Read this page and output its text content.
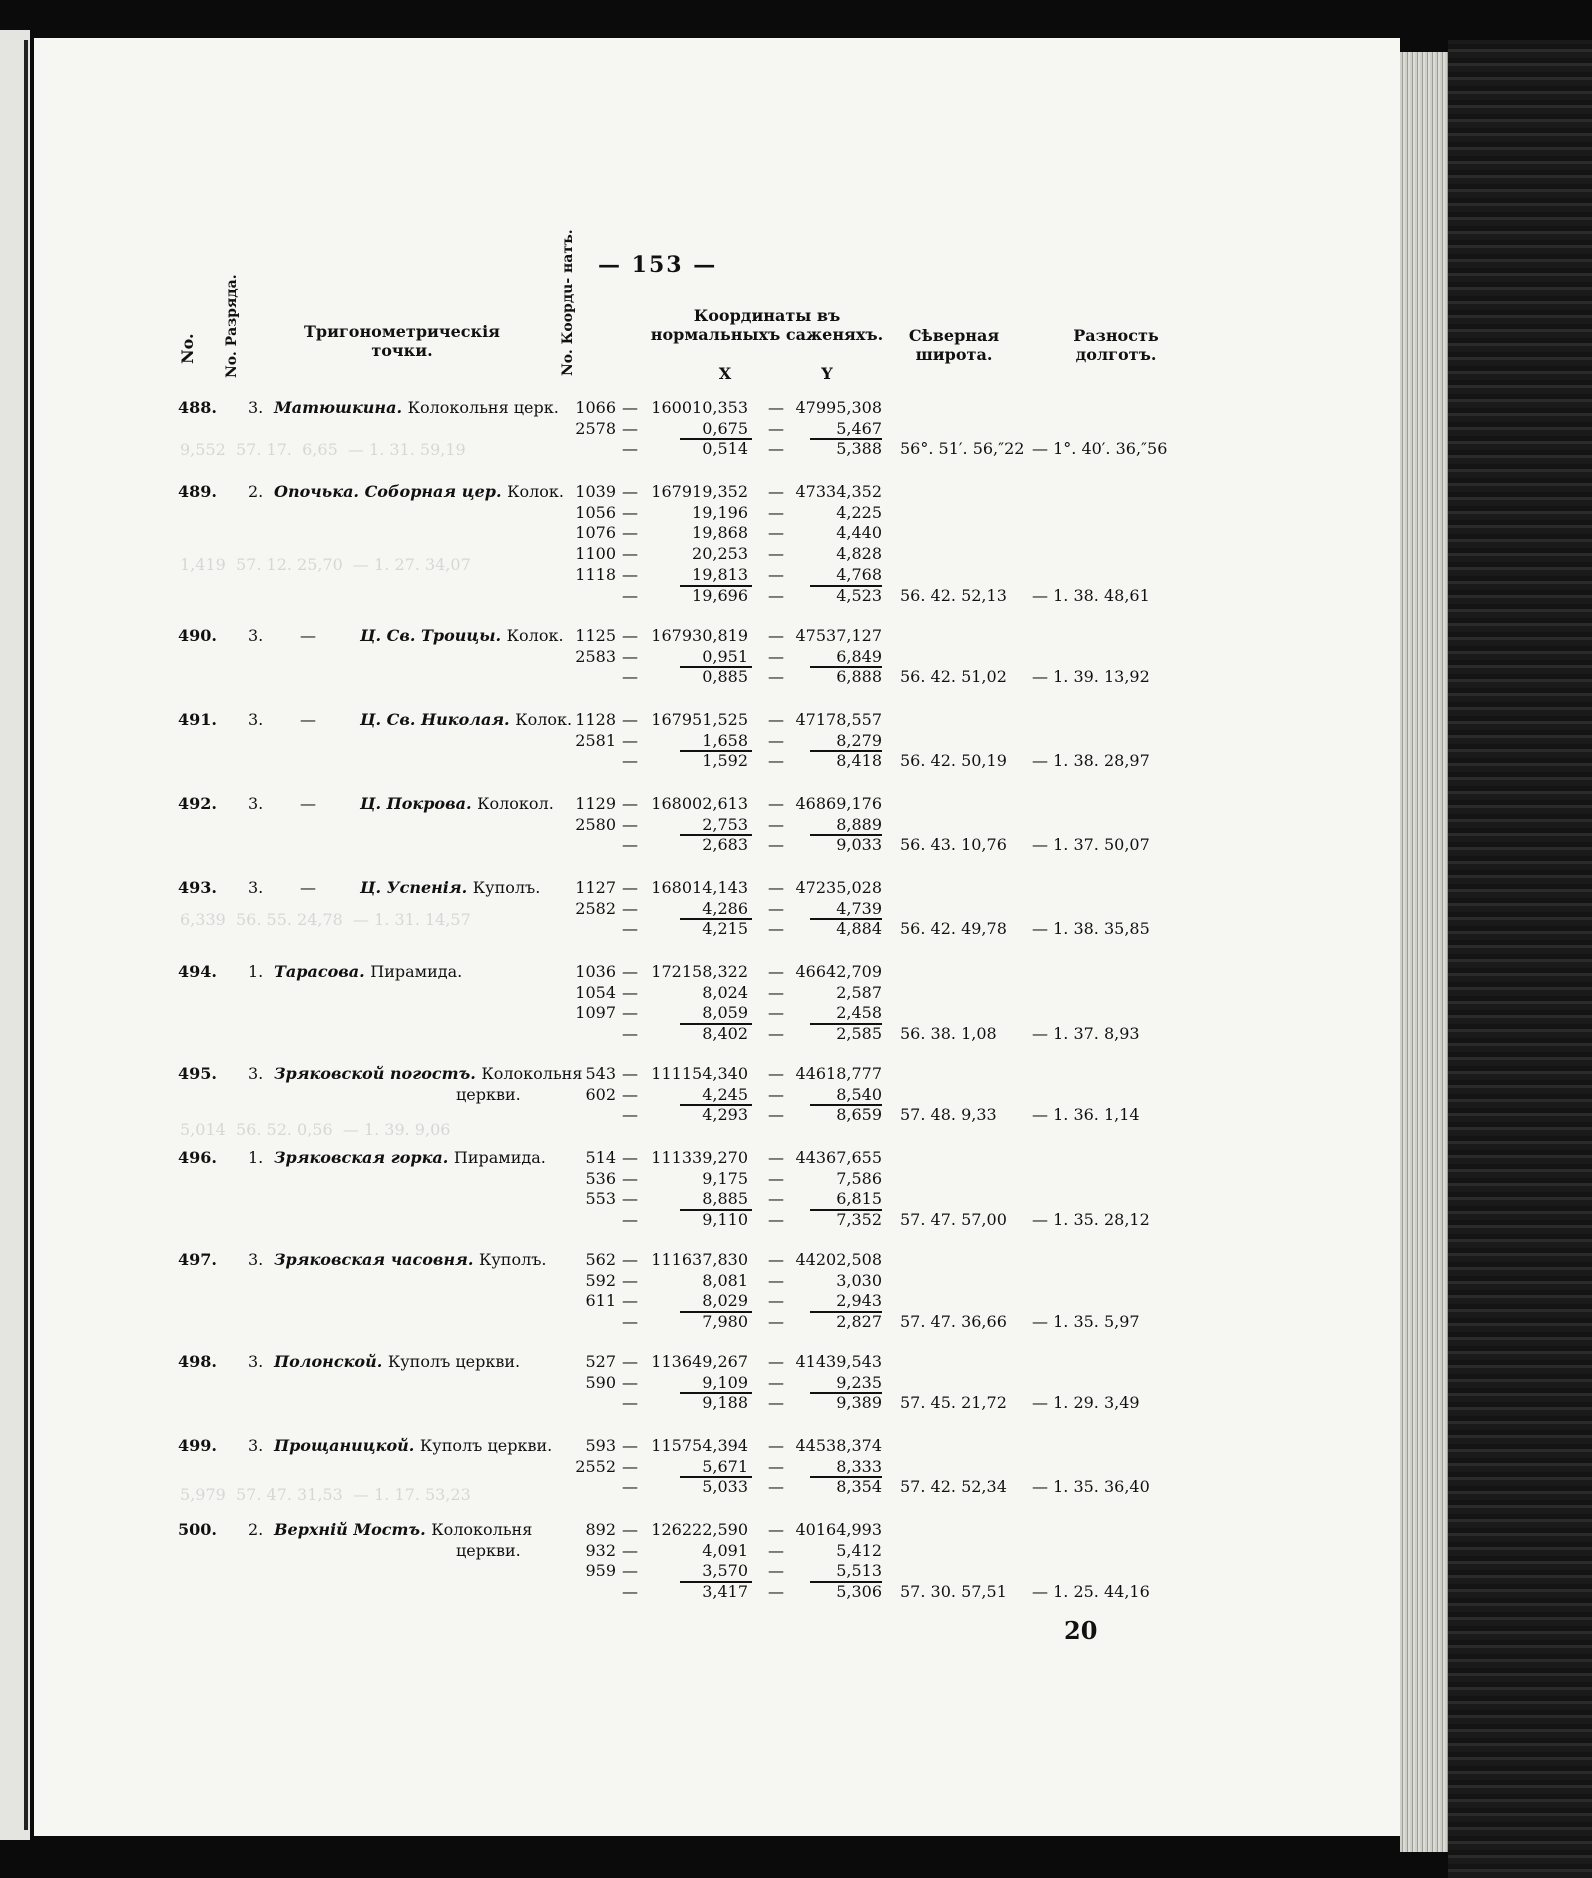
9,552  57. 17.  6,65  — 1. 31. 59,19
1,419  57. 12. 25,70  — 1. 27. 34,07
6,339  56. 55. 24,78  — 1. 31. 14,57
5,014  56. 52. 0,56  — 1. 39. 9,06
5,979  57. 47. 31,53  — 1. 17. 53,23
— 153 —
No. No. Разряда.	Тригонометрическія точки.	No. Коордu- натъ.	Координаты въ нормальныхъ саженяхъ.
X	Y
Сѣверная широта.
Разность долготъ.
488. 3. Матюшкина. Колокольня церк.	1066 — 160010,353 — 47995,308
2578 —	0,675 —	5,467
—	0,514 —	5,388 56°. 51′. 56,″22 — 1°. 40′. 36,″56
489. 2. Опочька. Соборная цер. Колок. 1039 — 167919,352 — 47334,352
1056 —	19,196 —	4,225
1076 —	19,868 —	4,440
1100 —	20,253 —	4,828
1118 —	19,813 —	4,768
—	19,696 —	4,523 56. 42. 52,13 — 1. 38. 48,61
490. 3. —	Ц. Св. Троицы. Колок. 1125 — 167930,819 — 47537,127
2583 —	0,951 —	6,849
—	0,885 —	6,888 56. 42. 51,02 — 1. 39. 13,92
491. 3. —	Ц. Св. Николая. Колок. 1128 — 167951,525 — 47178,557
2581 —	1,658 —	8,279
—	1,592 —	8,418 56. 42. 50,19 — 1. 38. 28,97
492. 3. —	Ц. Покрова. Колокол.	1129 — 168002,613 — 46869,176
2580 —	2,753 —	8,889
—	2,683 —	9,033 56. 43. 10,76 — 1. 37. 50,07
493. 3. —	Ц. Успенія. Куполъ.	1127 — 168014,143 — 47235,028
2582 —	4,286 —	4,739
—	4,215 —	4,884 56. 42. 49,78 — 1. 38. 35,85
494. 1. Тарасова. Пирамида.	1036 — 172158,322 — 46642,709
1054 —	8,024 —	2,587
1097 —	8,059 —	2,458
—	8,402 —	2,585 56. 38. 1,08 — 1. 37. 8,93
495. 3. Зряковской погостъ. Колокольня
церкви.
543 — 111154,340 — 44618,777
602 —	4,245 —	8,540
—	4,293 —	8,659 57. 48. 9,33 — 1. 36. 1,14
496. 1. Зряковская горка. Пирамида.	514 — 111339,270 — 44367,655
536 —	9,175 —	7,586
553 —	8,885 —	6,815
—	9,110 —	7,352 57. 47. 57,00 — 1. 35. 28,12
497. 3. Зряковская часовня. Куполъ.	562 — 111637,830 — 44202,508
592 —	8,081 —	3,030
611 —	8,029 —	2,943
—	7,980 —	2,827 57. 47. 36,66 — 1. 35. 5,97
498. 3. Полонской. Куполъ церкви.	527 — 113649,267 — 41439,543
590 —	9,109 —	9,235
—	9,188 —	9,389 57. 45. 21,72 — 1. 29. 3,49
499. 3. Прощаницкой. Куполъ церкви.	593 — 115754,394 — 44538,374
2552 —	5,671 —	8,333
—	5,033 —	8,354 57. 42. 52,34 — 1. 35. 36,40
500. 2. Верхній Мостъ. Колокольня
церкви.
892 — 126222,590 — 40164,993
932 —	4,091 —	5,412
959 —	3,570 —	5,513
—	3,417 —	5,306 57. 30. 57,51 — 1. 25. 44,16
20
